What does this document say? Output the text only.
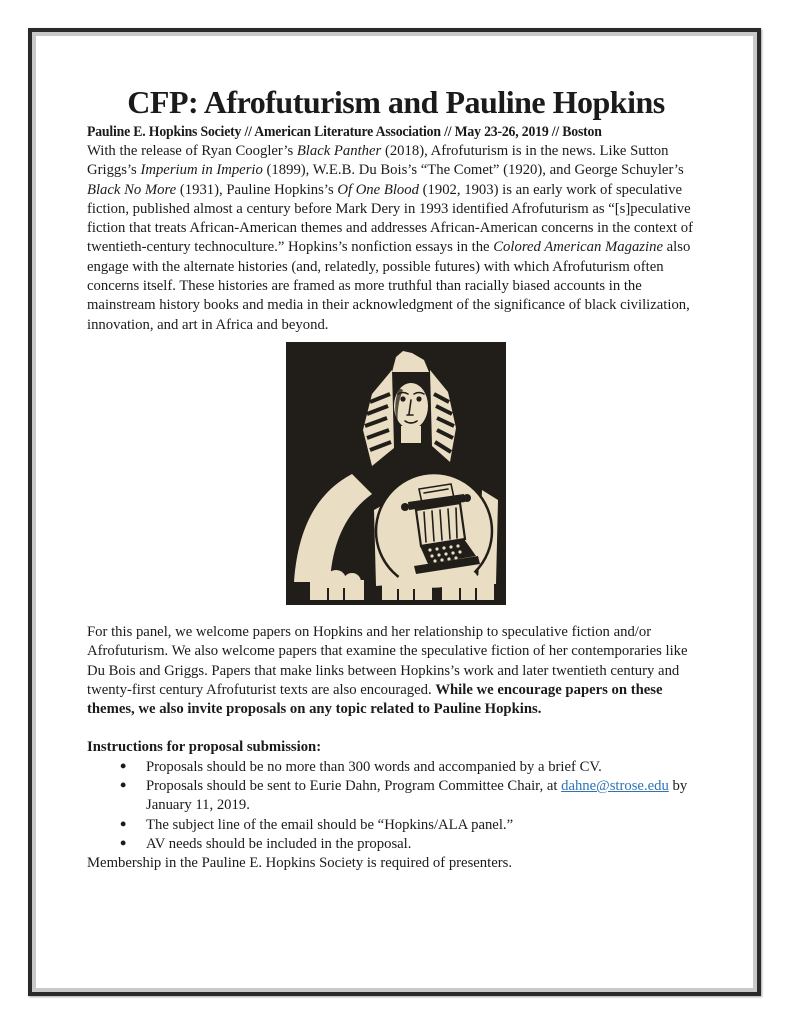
CFP: Afrofuturism and Pauline Hopkins
Pauline E. Hopkins Society // American Literature Association // May 23-26, 2019 // Boston

With the release of Ryan Coogler’s Black Panther (2018), Afrofuturism is in the news. Like Sutton Griggs’s Imperium in Imperio (1899), W.E.B. Du Bois’s “The Comet” (1920), and George Schuyler’s Black No More (1931), Pauline Hopkins’s Of One Blood (1902, 1903) is an early work of speculative fiction, published almost a century before Mark Dery in 1993 identified Afrofuturism as “[s]peculative fiction that treats African-American themes and addresses African-American concerns in the context of twentieth-century technoculture.” Hopkins’s nonfiction essays in the Colored American Magazine also engage with the alternate histories (and, relatedly, possible futures) with which Afrofuturism often concerns itself. These histories are framed as more truthful than racially biased accounts in the mainstream history books and media in their acknowledgment of the significance of black civilization, innovation, and art in Africa and beyond.

For this panel, we welcome papers on Hopkins and her relationship to speculative fiction and/or Afrofuturism. We also welcome papers that examine the speculative fiction of her contemporaries like Du Bois and Griggs. Papers that make links between Hopkins’s work and later twentieth century and twenty-first century Afrofuturist texts are also encouraged. While we encourage papers on these themes, we also invite proposals on any topic related to Pauline Hopkins.

Instructions for proposal submission:
• Proposals should be no more than 300 words and accompanied by a brief CV.
• Proposals should be sent to Eurie Dahn, Program Committee Chair, at dahne@strose.edu by January 11, 2019.
• The subject line of the email should be “Hopkins/ALA panel.”
• AV needs should be included in the proposal.

Membership in the Pauline E. Hopkins Society is required of presenters.
